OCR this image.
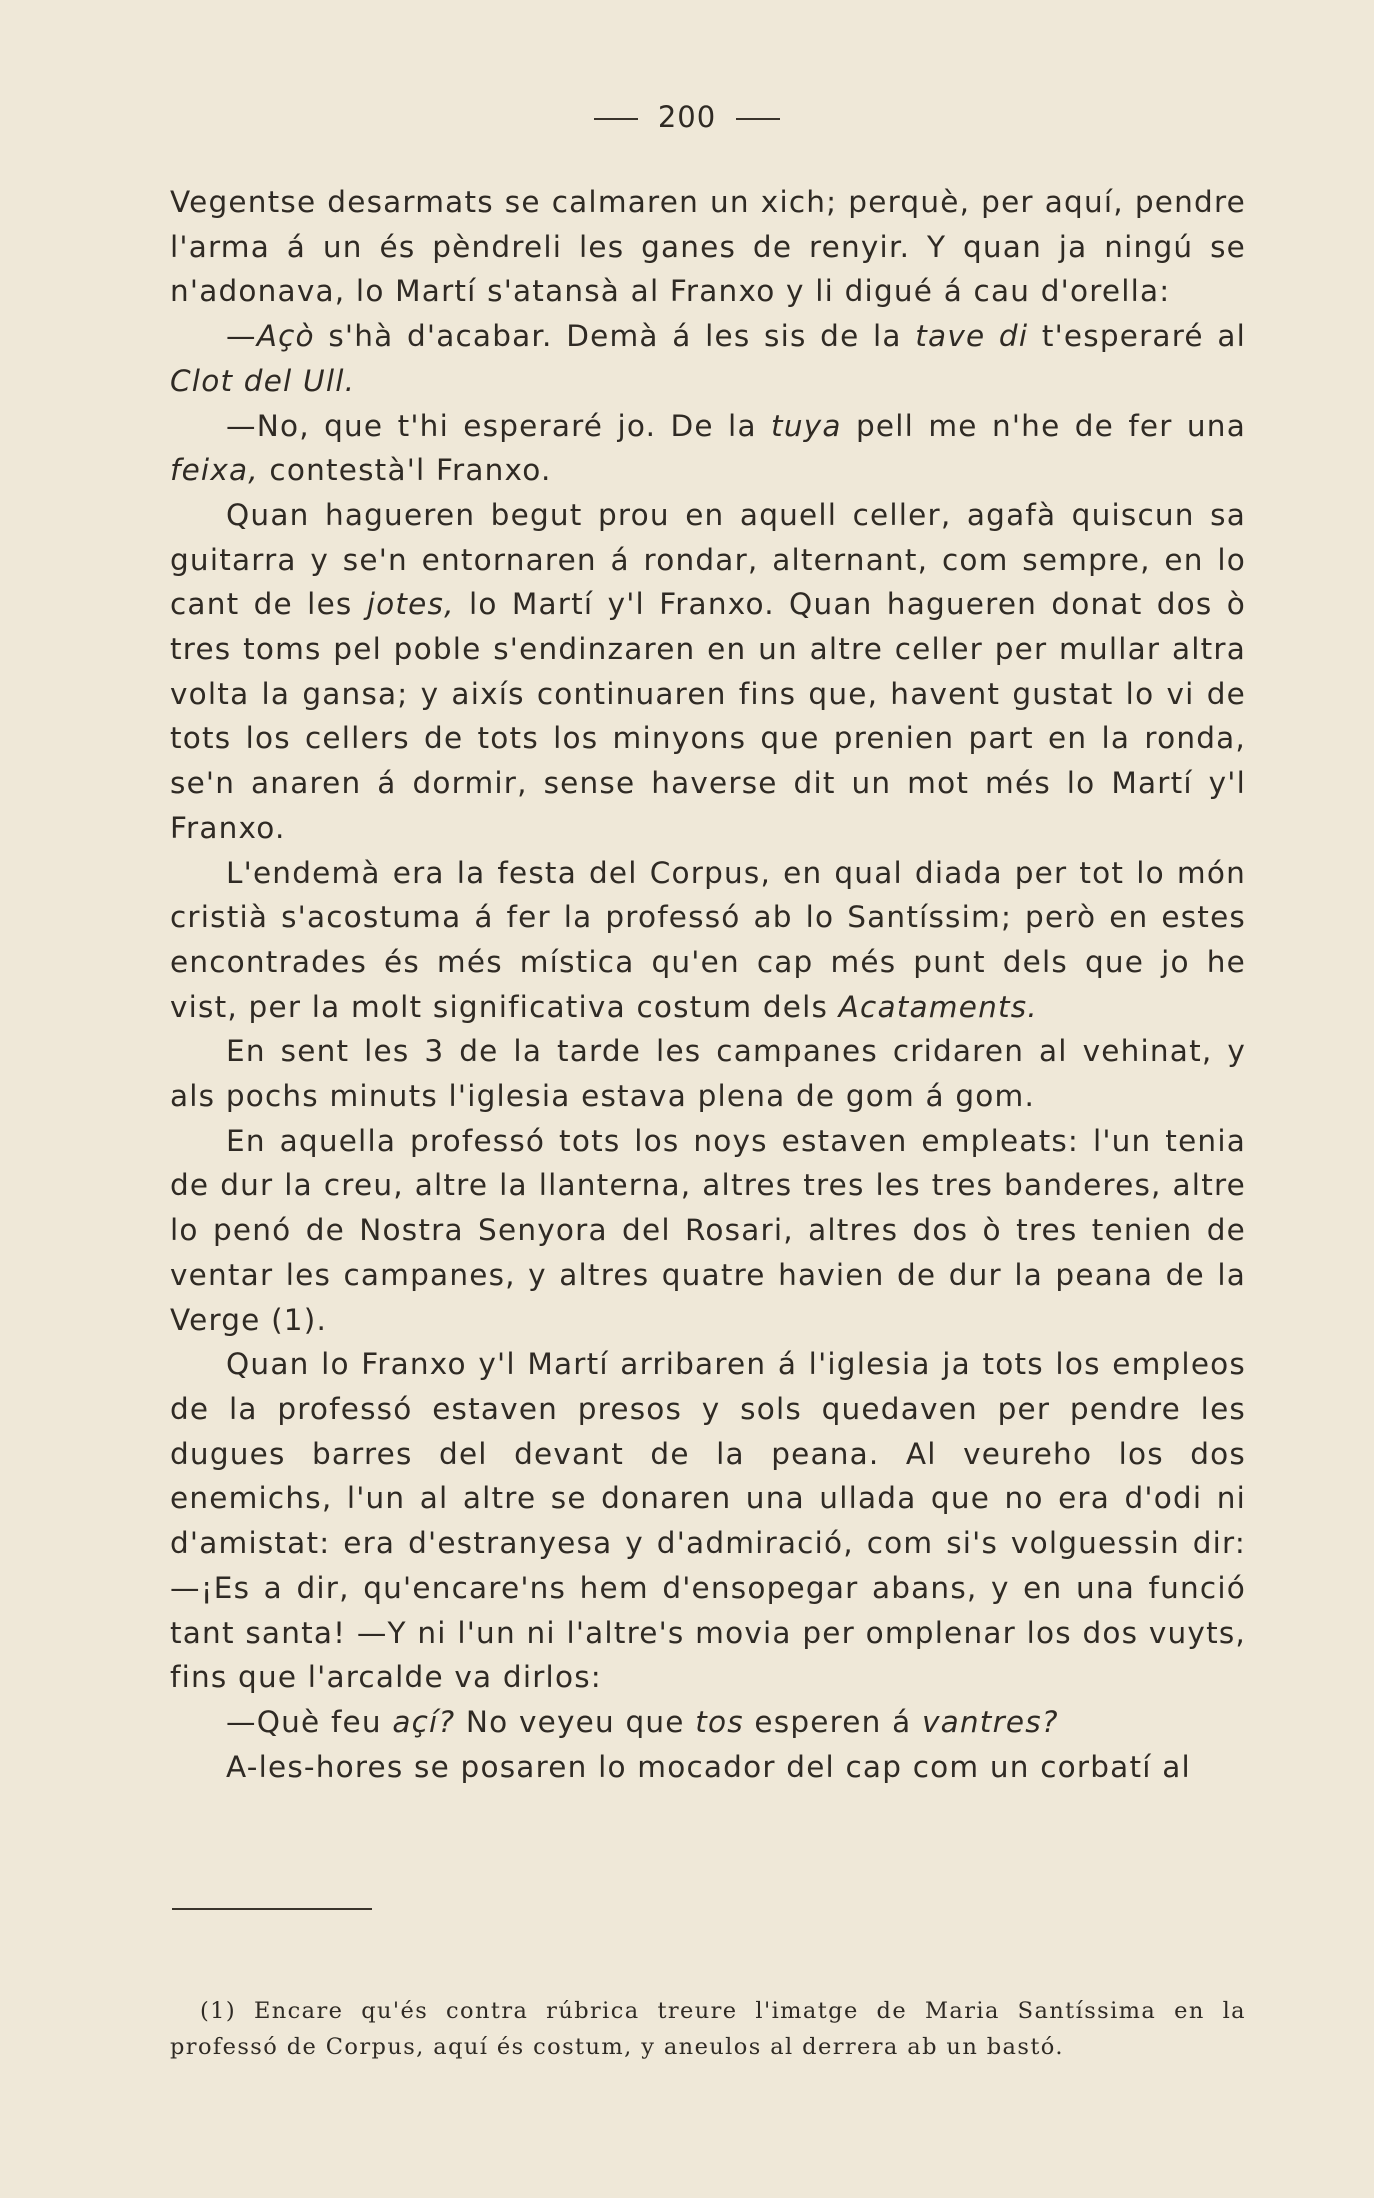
200

Vegentse desarmats se calmaren un xich; perquè, per aquí, pendre l'arma á un és pèndreli les ganes de renyir. Y quan ja ningú se n'adonava, lo Martí s'atansà al Franxo y li digué á cau d'orella:

—Açò s'hà d'acabar. Demà á les sis de la tave di t'esperaré al Clot del Ull.

—No, que t'hi esperaré jo. De la tuya pell me n'he de fer una feixa, contestà'l Franxo.

Quan hagueren begut prou en aquell celler, agafà quiscun sa guitarra y se'n entornaren á rondar, alternant, com sempre, en lo cant de les jotes, lo Martí y'l Franxo. Quan hagueren donat dos ò tres toms pel poble s'endinzaren en un altre celler per mullar altra volta la gansa; y aixís continuaren fins que, havent gustat lo vi de tots los cellers de tots los minyons que prenien part en la ronda, se'n anaren á dormir, sense haverse dit un mot més lo Martí y'l Franxo.

L'endemà era la festa del Corpus, en qual diada per tot lo món cristià s'acostuma á fer la professó ab lo Santíssim; però en estes encontrades és més mística qu'en cap més punt dels que jo he vist, per la molt significativa costum dels Acataments.

En sent les 3 de la tarde les campanes cridaren al vehinat, y als pochs minuts l'iglesia estava plena de gom á gom.

En aquella professó tots los noys estaven empleats: l'un tenia de dur la creu, altre la llanterna, altres tres les tres banderes, altre lo penó de Nostra Senyora del Rosari, altres dos ò tres tenien de ventar les campanes, y altres quatre havien de dur la peana de la Verge (1).

Quan lo Franxo y'l Martí arribaren á l'iglesia ja tots los empleos de la professó estaven presos y sols quedaven per pendre les dugues barres del devant de la peana. Al veureho los dos enemichs, l'un al altre se donaren una ullada que no era d'odi ni d'amistat: era d'estranyesa y d'admiració, com si's volguessin dir: —¡Es a dir, qu'encare'ns hem d'ensopegar abans, y en una funció tant santa! —Y ni l'un ni l'altre's movia per omplenar los dos vuyts, fins que l'arcalde va dirlos:

—Què feu açí? No veyeu que tos esperen á vantres?

A-les-hores se posaren lo mocador del cap com un corbatí al

(1) Encare qu'és contra rúbrica treure l'imatge de Maria Santíssima en la professó de Corpus, aquí és costum, y aneulos al derrera ab un bastó.
